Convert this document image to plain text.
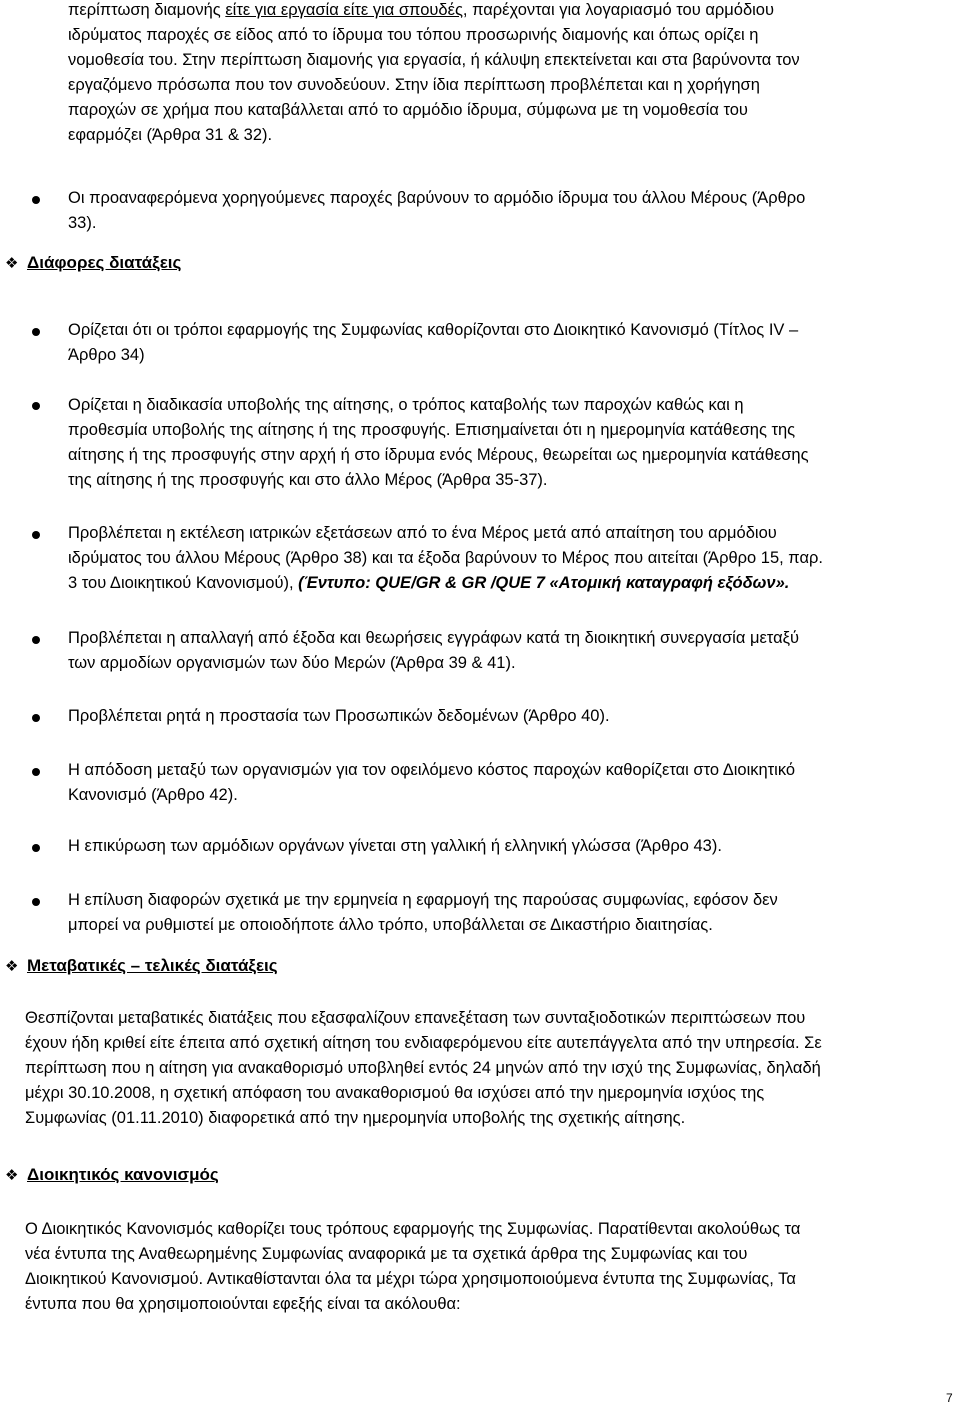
περίπτωση διαμονής είτε για εργασία είτε για σπουδές, παρέχονται για λογαριασμό του αρμόδιου
ιδρύματος παροχές σε είδος από το ίδρυμα του τόπου προσωρινής διαμονής και όπως ορίζει η
νομοθεσία του. Στην περίπτωση διαμονής για εργασία, ή κάλυψη επεκτείνεται και στα βαρύνοντα τον
εργαζόμενο πρόσωπα που τον συνοδεύουν. Στην ίδια περίπτωση προβλέπεται και η χορήγηση
παροχών σε χρήμα που καταβάλλεται από το αρμόδιο ίδρυμα, σύμφωνα με τη νομοθεσία του
εφαρμόζει (Άρθρα 31 & 32).
Οι προαναφερόμενα χορηγούμενες παροχές βαρύνουν το αρμόδιο ίδρυμα του άλλου Μέρους (Άρθρο
33).
❖ Διάφορες διατάξεις
Ορίζεται ότι οι τρόποι εφαρμογής της Συμφωνίας καθορίζονται στο Διοικητικό Κανονισμό (Τίτλος IV –
Άρθρο 34)
Ορίζεται η διαδικασία υποβολής της αίτησης, ο τρόπος καταβολής των παροχών καθώς και η
προθεσμία υποβολής της αίτησης ή της προσφυγής. Επισημαίνεται ότι η ημερομηνία κατάθεσης της
αίτησης ή της προσφυγής στην αρχή ή στο ίδρυμα ενός Μέρους, θεωρείται ως ημερομηνία κατάθεσης
της αίτησης ή της προσφυγής και στο άλλο Μέρος (Άρθρα 35-37).
Προβλέπεται η εκτέλεση ιατρικών εξετάσεων από το ένα Μέρος μετά από απαίτηση του αρμόδιου
ιδρύματος του άλλου Μέρους (Άρθρο 38) και τα έξοδα βαρύνουν το Μέρος που αιτείται (Άρθρο 15, παρ.
3 του Διοικητικού Κανονισμού), (Έντυπο: QUE/GR & GR /QUE 7 «Ατομική καταγραφή εξόδων».
Προβλέπεται η απαλλαγή από έξοδα και θεωρήσεις εγγράφων κατά τη διοικητική συνεργασία μεταξύ
των αρμοδίων οργανισμών των δύο Μερών (Άρθρα 39 & 41).
Προβλέπεται ρητά η προστασία των Προσωπικών δεδομένων (Άρθρο 40).
Η απόδοση μεταξύ των οργανισμών για τον οφειλόμενο κόστος παροχών καθορίζεται στο Διοικητικό
Κανονισμό (Άρθρο 42).
Η επικύρωση των αρμόδιων οργάνων γίνεται στη γαλλική ή ελληνική γλώσσα (Άρθρο 43).
Η επίλυση διαφορών σχετικά με την ερμηνεία η εφαρμογή της παρούσας συμφωνίας, εφόσον δεν
μπορεί να ρυθμιστεί με οποιοδήποτε άλλο τρόπο, υποβάλλεται σε Δικαστήριο διαιτησίας.
❖ Μεταβατικές – τελικές διατάξεις
Θεσπίζονται μεταβατικές διατάξεις που εξασφαλίζουν επανεξέταση των συνταξιοδοτικών περιπτώσεων που
έχουν ήδη κριθεί είτε έπειτα από σχετική αίτηση του ενδιαφερόμενου είτε αυτεπάγγελτα από την υπηρεσία. Σε
περίπτωση που η αίτηση για ανακαθορισμό υποβληθεί εντός 24 μηνών από την ισχύ της Συμφωνίας, δηλαδή
μέχρι 30.10.2008, η σχετική απόφαση του ανακαθορισμού θα ισχύσει από την ημερομηνία ισχύος της
Συμφωνίας (01.11.2010) διαφορετικά από την ημερομηνία υποβολής της σχετικής αίτησης.
❖ Διοικητικός κανονισμός
Ο Διοικητικός Κανονισμός καθορίζει τους τρόπους εφαρμογής της Συμφωνίας. Παρατίθενται ακολούθως τα
νέα έντυπα της Αναθεωρημένης Συμφωνίας αναφορικά με τα σχετικά άρθρα της Συμφωνίας και του
Διοικητικού Κανονισμού. Αντικαθίστανται όλα τα μέχρι τώρα χρησιμοποιούμενα έντυπα της Συμφωνίας, Τα
έντυπα που θα χρησιμοποιούνται εφεξής είναι τα ακόλουθα:
7
